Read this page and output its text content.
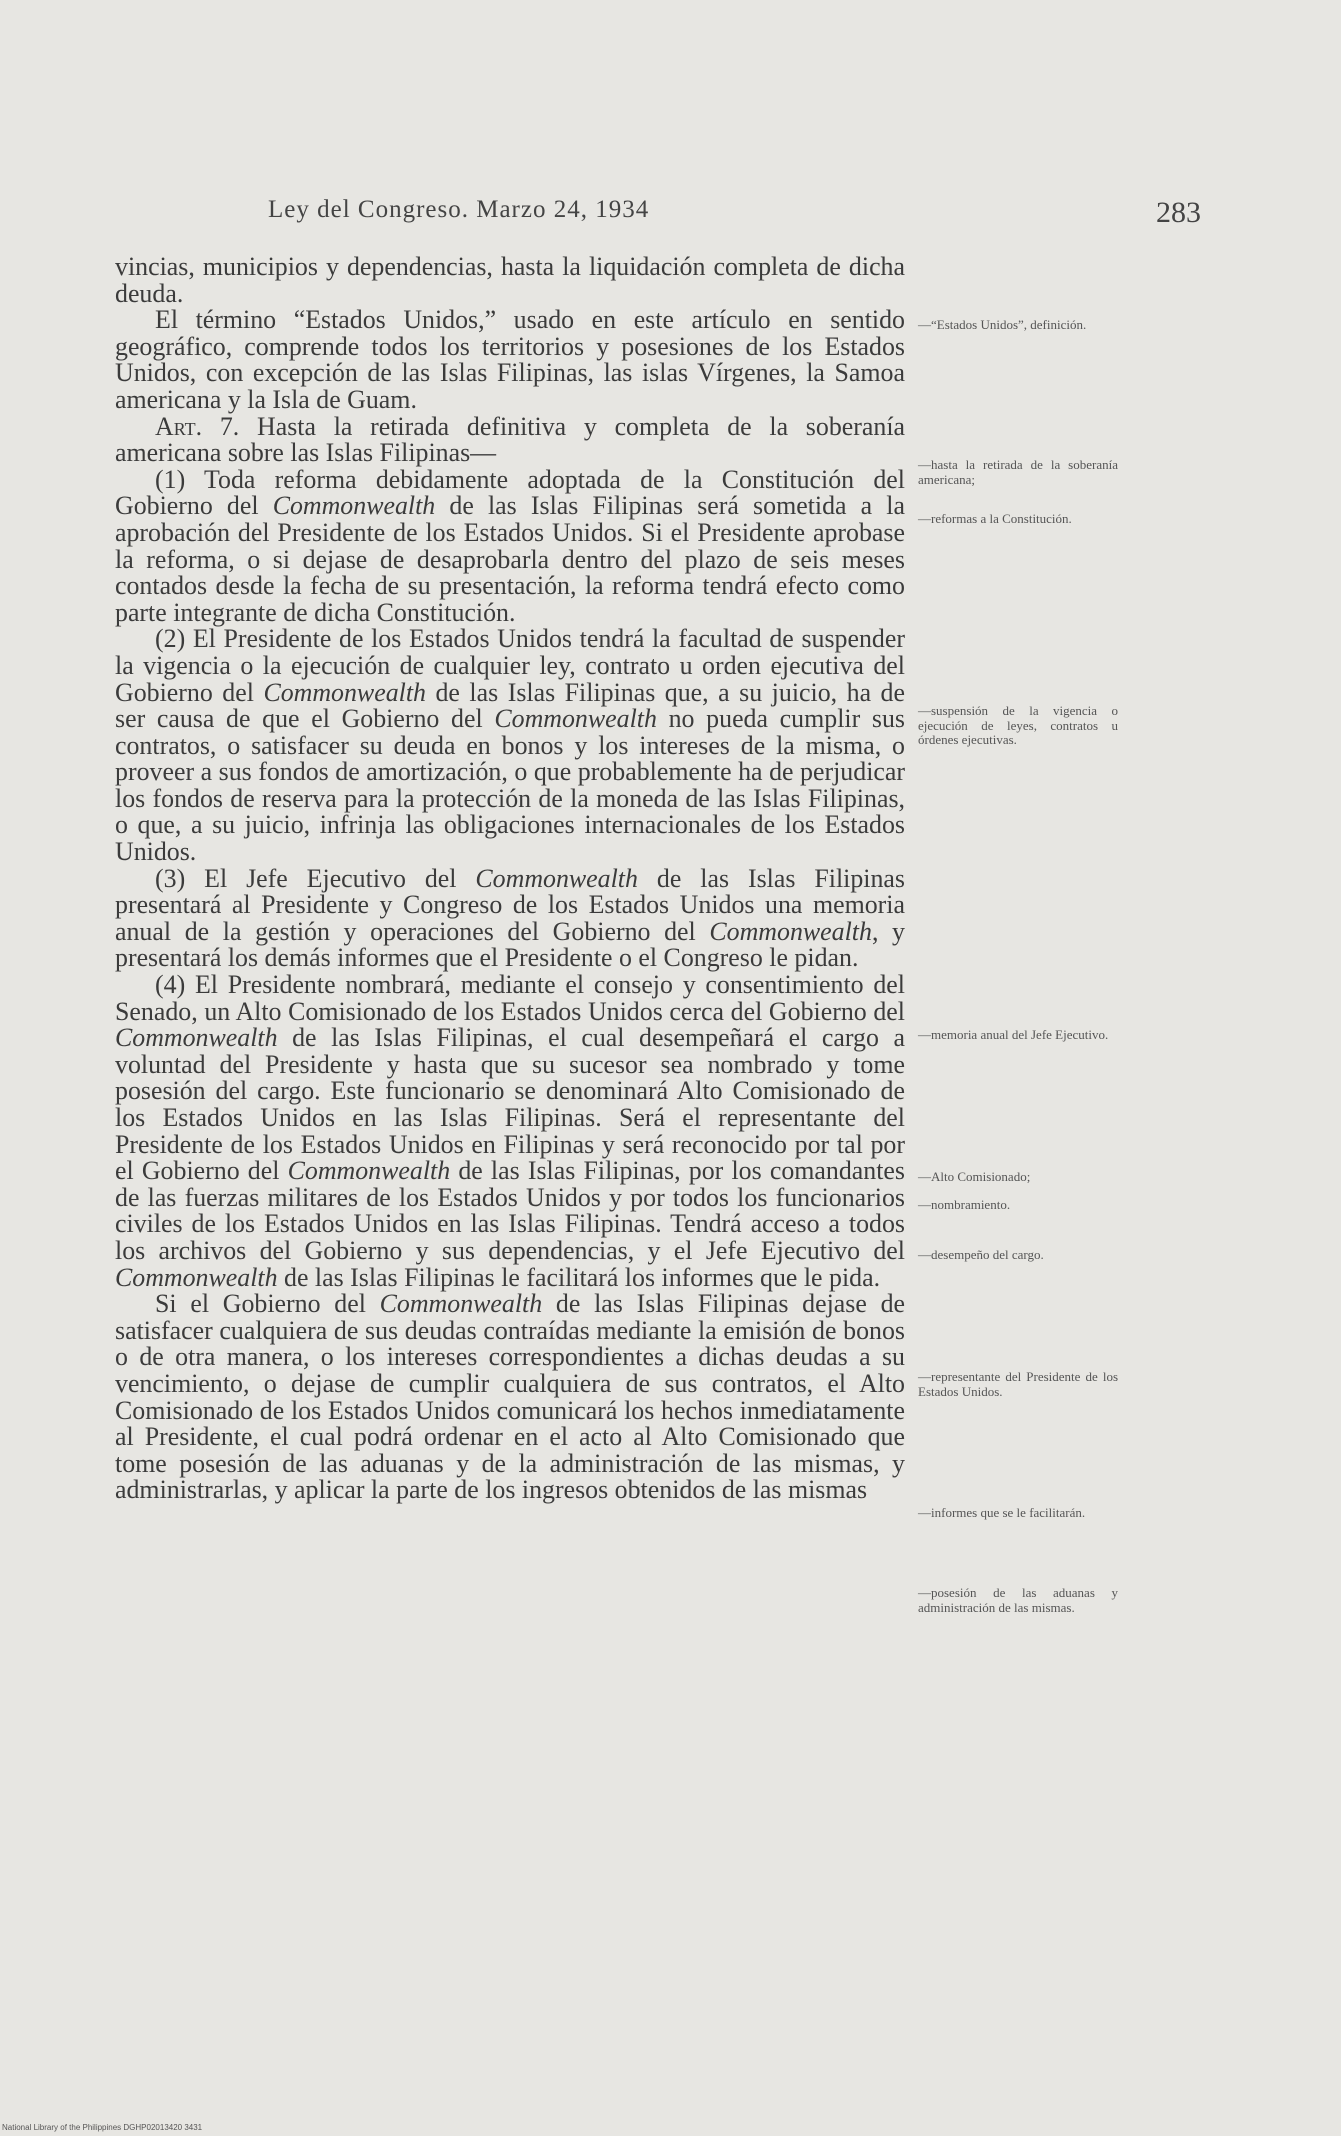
Ley del Congreso. Marzo 24, 1934	283

vincias, municipios y dependencias, hasta la liquidación completa de dicha deuda.

El término “Estados Unidos,” usado en este artículo en sentido geográfico, comprende todos los territorios y posesiones de los Estados Unidos, con excepción de las Islas Filipinas, las islas Vírgenes, la Samoa americana y la Isla de Guam.

Art. 7. Hasta la retirada definitiva y completa de la soberanía americana sobre las Islas Filipinas—

(1) Toda reforma debidamente adoptada de la Constitución del Gobierno del Commonwealth de las Islas Filipinas será sometida a la aprobación del Presidente de los Estados Unidos. Si el Presidente aprobase la reforma, o si dejase de desaprobarla dentro del plazo de seis meses contados desde la fecha de su presentación, la reforma tendrá efecto como parte integrante de dicha Constitución.

(2) El Presidente de los Estados Unidos tendrá la facultad de suspender la vigencia o la ejecución de cualquier ley, contrato u orden ejecutiva del Gobierno del Commonwealth de las Islas Filipinas que, a su juicio, ha de ser causa de que el Gobierno del Commonwealth no pueda cumplir sus contratos, o satisfacer su deuda en bonos y los intereses de la misma, o proveer a sus fondos de amortización, o que probablemente ha de perjudicar los fondos de reserva para la protección de la moneda de las Islas Filipinas, o que, a su juicio, infrinja las obligaciones internacionales de los Estados Unidos.

(3) El Jefe Ejecutivo del Commonwealth de las Islas Filipinas presentará al Presidente y Congreso de los Estados Unidos una memoria anual de la gestión y operaciones del Gobierno del Commonwealth, y presentará los demás informes que el Presidente o el Congreso le pidan.

(4) El Presidente nombrará, mediante el consejo y consentimiento del Senado, un Alto Comisionado de los Estados Unidos cerca del Gobierno del Commonwealth de las Islas Filipinas, el cual desempeñará el cargo a voluntad del Presidente y hasta que su sucesor sea nombrado y tome posesión del cargo. Este funcionario se denominará Alto Comisionado de los Estados Unidos en las Islas Filipinas. Será el representante del Presidente de los Estados Unidos en Filipinas y será reconocido por tal por el Gobierno del Commonwealth de las Islas Filipinas, por los comandantes de las fuerzas militares de los Estados Unidos y por todos los funcionarios civiles de los Estados Unidos en las Islas Filipinas. Tendrá acceso a todos los archivos del Gobierno y sus dependencias, y el Jefe Ejecutivo del Commonwealth de las Islas Filipinas le facilitará los informes que le pida.

Si el Gobierno del Commonwealth de las Islas Filipinas dejase de satisfacer cualquiera de sus deudas contraídas mediante la emisión de bonos o de otra manera, o los intereses correspondientes a dichas deudas a su vencimiento, o dejase de cumplir cualquiera de sus contratos, el Alto Comisionado de los Estados Unidos comunicará los hechos inmediatamente al Presidente, el cual podrá ordenar en el acto al Alto Comisionado que tome posesión de las aduanas y de la administración de las mismas, y administrarlas, y aplicar la parte de los ingresos obtenidos de las mismas

—“Estados Unidos”, definición.
—hasta la retirada de la soberanía americana;
—reformas a la Constitución.
—suspensión de la vigencia o ejecución de leyes, contratos u órdenes ejecutivas.
—memoria anual del Jefe Ejecutivo.
—Alto Comisionado;
—nombramiento.
—desempeño del cargo.
—representante del Presidente de los Estados Unidos.
—informes que se le facilitarán.
—posesión de las aduanas y administración de las mismas.
National Library of the Philippines DGHP02013420 3431
